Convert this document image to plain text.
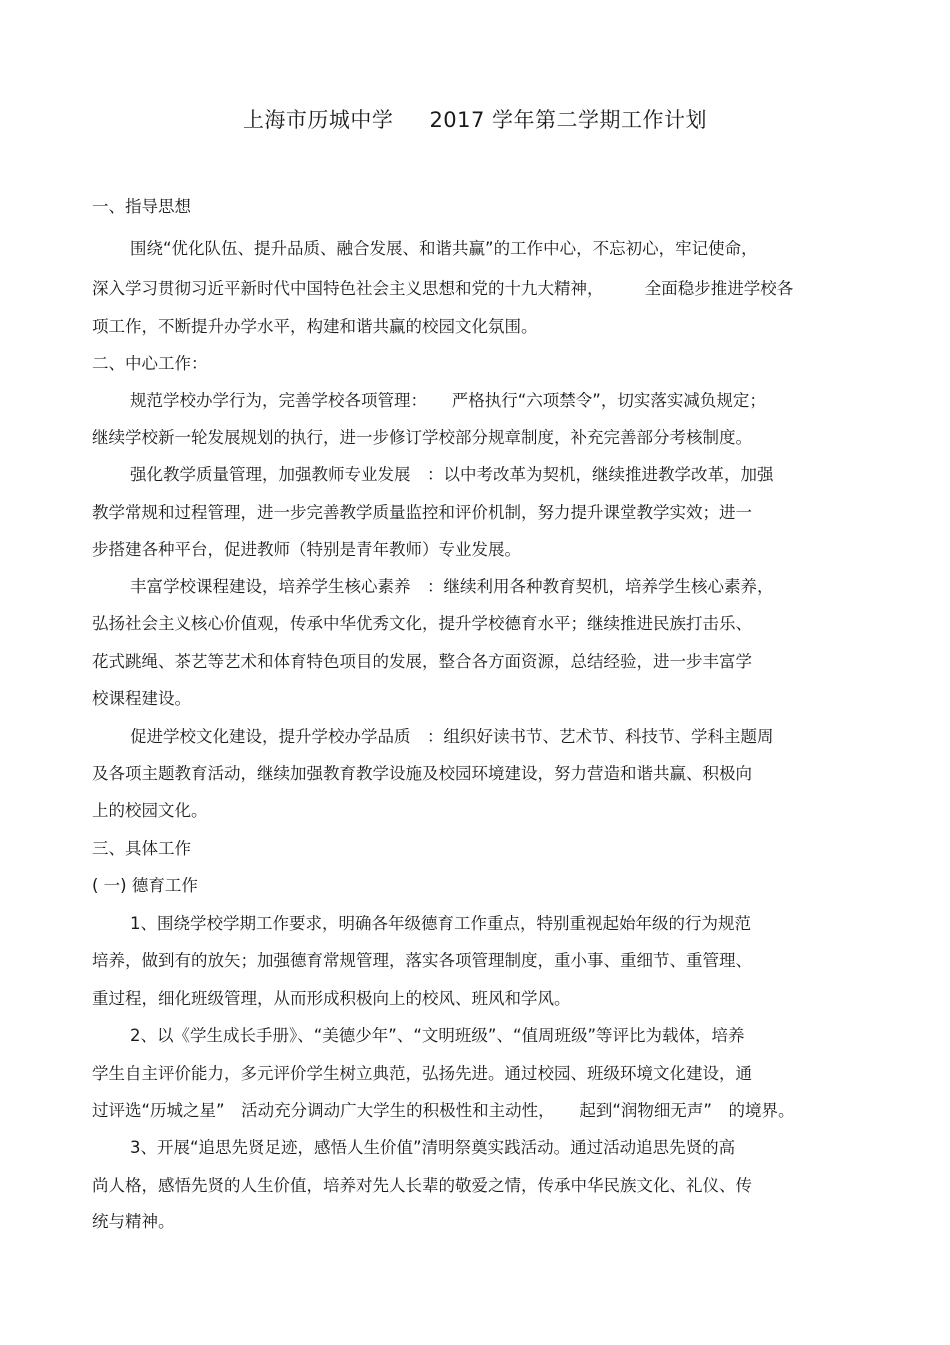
上海市历城中学 2017 学年第二学期工作计划
一、指导思想
围绕“优化队伍、提升品质、融合发展、和谐共赢”的工作中心，不忘初心，牢记使命，
深入学习贯彻习近平新时代中国特色社会主义思想和党的十九大精神，　　　全面稳步推进学校各
项工作，不断提升办学水平，构建和谐共赢的校园文化氛围。
二、中心工作：
规范学校办学行为，完善学校各项管理：　　严格执行“六项禁令”，切实落实减负规定；
继续学校新一轮发展规划的执行，进一步修订学校部分规章制度，补充完善部分考核制度。
强化教学质量管理，加强教师专业发展　：以中考改革为契机，继续推进教学改革，加强
教学常规和过程管理，进一步完善教学质量监控和评价机制，努力提升课堂教学实效；进一
步搭建各种平台，促进教师（特别是青年教师）专业发展。
丰富学校课程建设，培养学生核心素养　：继续利用各种教育契机，培养学生核心素养，
弘扬社会主义核心价值观，传承中华优秀文化，提升学校德育水平；继续推进民族打击乐、
花式跳绳、茶艺等艺术和体育特色项目的发展，整合各方面资源，总结经验，进一步丰富学
校课程建设。
促进学校文化建设，提升学校办学品质　：组织好读书节、艺术节、科技节、学科主题周
及各项主题教育活动，继续加强教育教学设施及校园环境建设，努力营造和谐共赢、积极向
上的校园文化。
三、具体工作
( 一) 德育工作
1、围绕学校学期工作要求，明确各年级德育工作重点，特别重视起始年级的行为规范
培养，做到有的放矢；加强德育常规管理，落实各项管理制度，重小事、重细节、重管理、
重过程，细化班级管理，从而形成积极向上的校风、班风和学风。
2、以《学生成长手册》、“美德少年”、“文明班级”、“值周班级”等评比为载体，培养
学生自主评价能力，多元评价学生树立典范，弘扬先进。通过校园、班级环境文化建设，通
过评选“历城之星”　活动充分调动广大学生的积极性和主动性，　　起到“润物细无声”　的境界。
3、开展“追思先贤足迹，感悟人生价值”清明祭奠实践活动。通过活动追思先贤的高
尚人格，感悟先贤的人生价值，培养对先人长辈的敬爱之情，传承中华民族文化、礼仪、传
统与精神。
